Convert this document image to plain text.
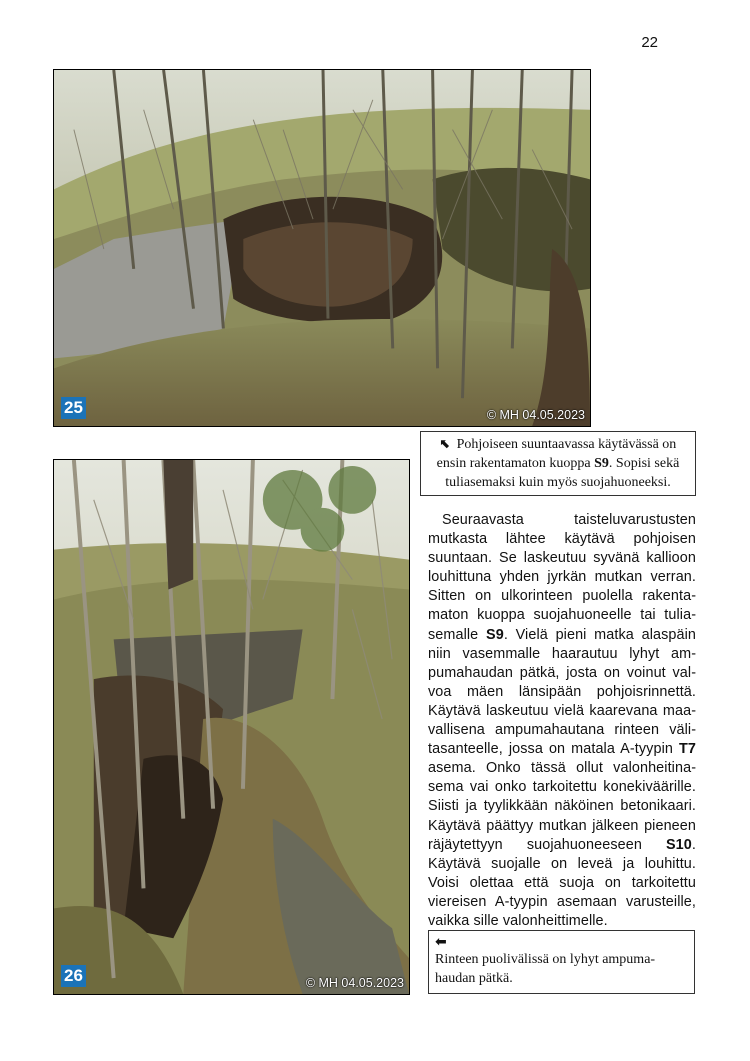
22
25	© MH 04.05.2023
⬉ Pohjoiseen suuntaavassa käytävässä on ensin rakentamaton kuoppa S9. Sopisi sekä tuliasemaksi kuin myös suojahuoneeksi.
26	© MH 04.05.2023

Seuraavasta taisteluvarustusten mutkasta lähtee käytävä pohjoisen suuntaan. Se laskeutuu syvänä kallioon louhittuna yhden jyrkän mutkan verran. Sitten on ulkorinteen puolella rakentamaton kuoppa suojahuoneelle tai tuliasemalle S9. Vielä pieni matka alaspäin niin vasemmalle haarautuu lyhyt ampumahaudan pätkä, josta on voinut valvoa mäen länsipään pohjoisrinnettä. Käytävä laskeutuu vielä kaarevana maavallisena ampumahautana rinteen välitasanteelle, jossa on matala A-tyypin T7 asema. Onko tässä ollut valonheitinasema vai onko tarkoitettu konekiväärille. Siisti ja tyylikkään näköinen betonikaari. Käytävä päättyy mutkan jälkeen pieneen räjäytettyyn suojahuoneeseen S10. Käytävä suojalle on leveä ja louhittu. Voisi olettaa että suoja on tarkoitettu viereisen A-tyypin asemaan varusteille, vaikka sille valonheittimelle.

⬅
Rinteen puolivälissä on lyhyt ampumahaudan pätkä.
